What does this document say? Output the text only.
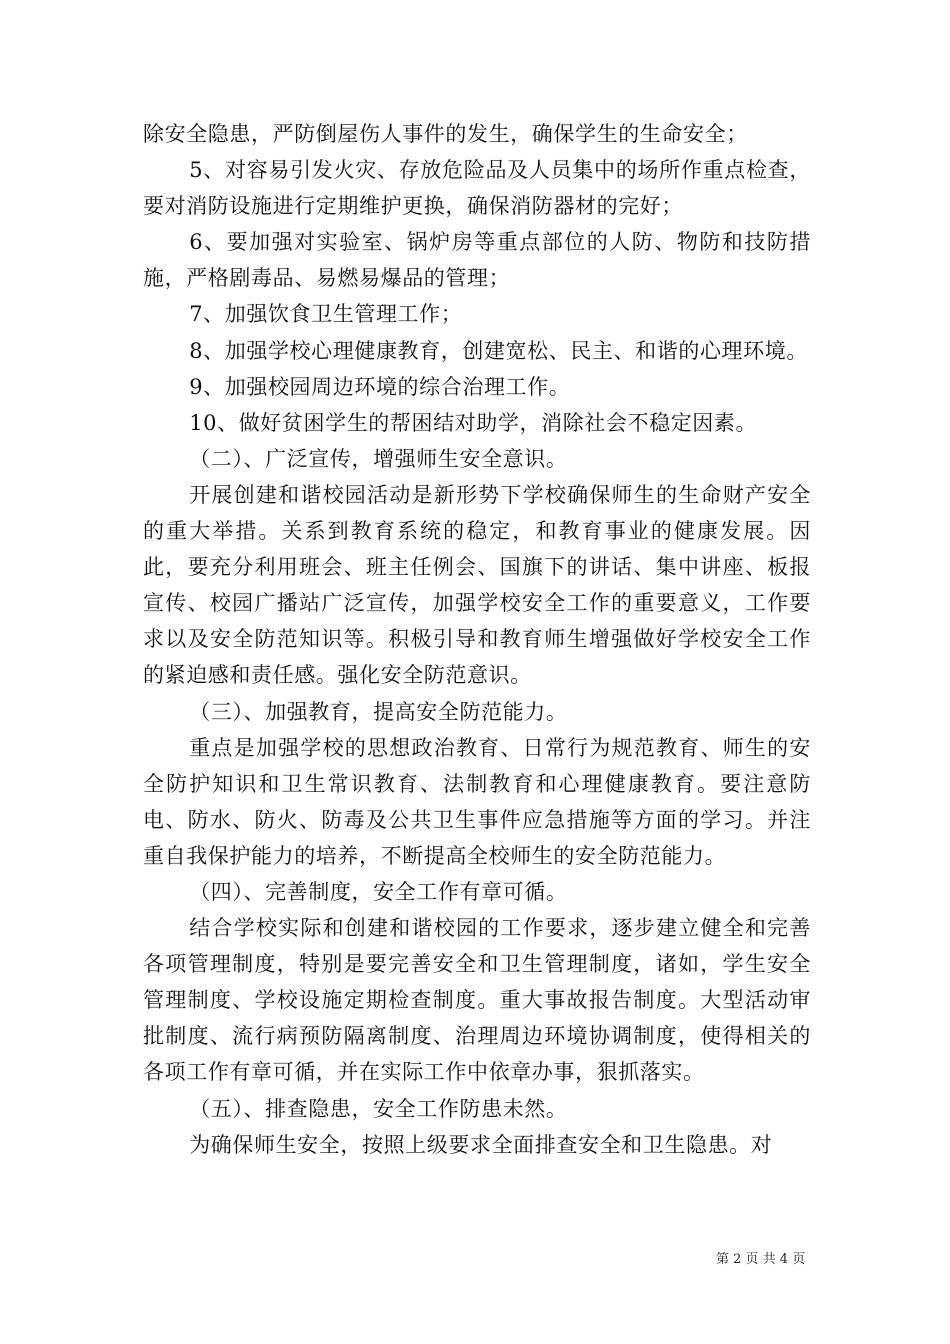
除安全隐患，严防倒屋伤人事件的发生，确保学生的生命安全；

5、对容易引发火灾、存放危险品及人员集中的场所作重点检查，要对消防设施进行定期维护更换，确保消防器材的完好；

6、要加强对实验室、锅炉房等重点部位的人防、物防和技防措施，严格剧毒品、易燃易爆品的管理；

7、加强饮食卫生管理工作；

8、加强学校心理健康教育，创建宽松、民主、和谐的心理环境。

9、加强校园周边环境的综合治理工作。

10、做好贫困学生的帮困结对助学，消除社会不稳定因素。

（二）、广泛宣传，增强师生安全意识。

开展创建和谐校园活动是新形势下学校确保师生的生命财产安全的重大举措。关系到教育系统的稳定，和教育事业的健康发展。因此，要充分利用班会、班主任例会、国旗下的讲话、集中讲座、板报宣传、校园广播站广泛宣传，加强学校安全工作的重要意义，工作要求以及安全防范知识等。积极引导和教育师生增强做好学校安全工作的紧迫感和责任感。强化安全防范意识。

（三）、加强教育，提高安全防范能力。

重点是加强学校的思想政治教育、日常行为规范教育、师生的安全防护知识和卫生常识教育、法制教育和心理健康教育。要注意防电、防水、防火、防毒及公共卫生事件应急措施等方面的学习。并注重自我保护能力的培养，不断提高全校师生的安全防范能力。

（四）、完善制度，安全工作有章可循。

结合学校实际和创建和谐校园的工作要求，逐步建立健全和完善各项管理制度，特别是要完善安全和卫生管理制度，诸如，学生安全管理制度、学校设施定期检查制度。重大事故报告制度。大型活动审批制度、流行病预防隔离制度、治理周边环境协调制度，使得相关的各项工作有章可循，并在实际工作中依章办事，狠抓落实。

（五）、排查隐患，安全工作防患未然。

为确保师生安全，按照上级要求全面排查安全和卫生隐患。对

第 2 页 共 4 页
